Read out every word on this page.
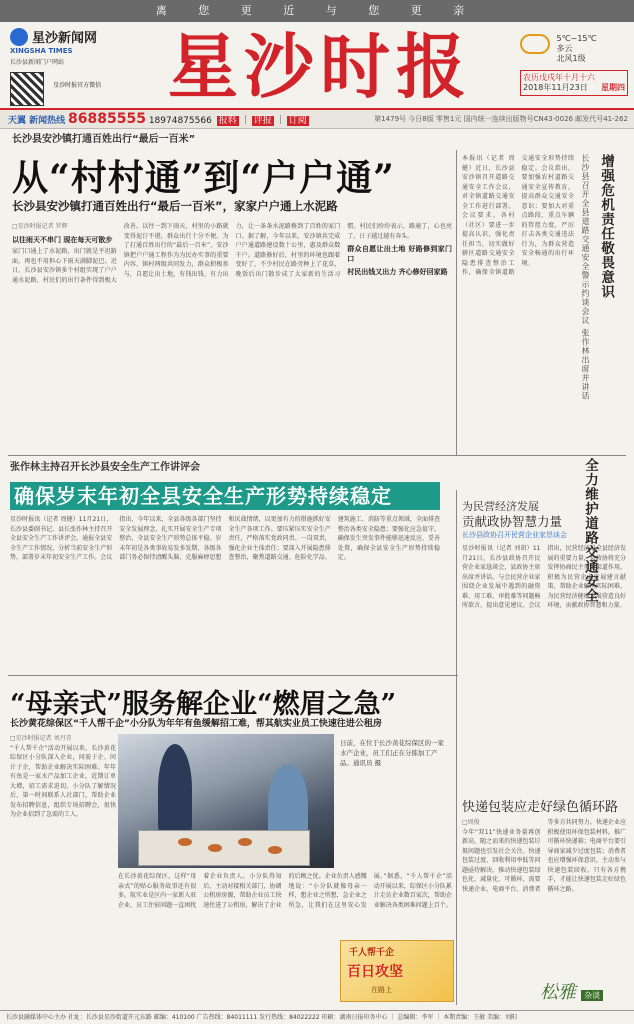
离 您 更 近 与 您 更 亲
星沙新闻网
XINGSHA TIMES
长沙县新闻门户网站
星沙时报官方微信 星沙时报	5℃~15℃
多云
北风1级
农历戊戌年十月十六
2018年11月23日 星期四
天翼 新闻热线 86885555 18974875566 报料 ｜ 评报 ｜ 订阅	第1479号 今日8版 零售1元 国内统一连续出版物号CN43-0026 邮发代号41-262
长沙县安沙镇打通百姓出行“最后一百米”
从“村村通”到“户户通”
长沙县安沙镇打通百姓出行“最后一百米”，家家户户通上水泥路
□星沙时报记者 罗辉
以往雨天不串门 现在每天可散步
家门口通上了水泥路，出门就是平坦路面，再也不用担心下雨天满脚泥巴。近日，长沙县安沙镇多个村组实现了户户通水泥路，村民们的出行条件得到极大改善。以往一到下雨天，村里的小路就变得泥泞不堪，群众出行十分不便。为了打通百姓出行的“最后一百米”，安沙镇把户户通工程作为为民办实事的重要内容，镇村两级共同发力，群众积极参与，自愿让出土地，有钱出钱、有力出力，让一条条水泥路修到了百姓的家门口。据了解，今年以来，安沙镇共完成户户通道路建设数十公里，惠及群众数千户。道路修好后，村里的环境也跟着变好了，不少村民在路旁种上了花草，晚饭后出门散步成了大家新的生活习惯。村民们纷纷表示，路通了，心也亮了，日子越过越有奔头。
群众自愿让出土地 好路修到家门口
村民出钱又出力 齐心修好回家路
本报讯（记者 周健）近日，长沙县安沙镇召开道路交通安全工作会议，对全镇道路交通安全工作进行部署。会议要求，各村（社区）要进一步提高认识，强化责任担当，切实做好辖区道路交通安全隐患排查整治工作，确保全镇道路交通安全形势持续稳定。会议指出，要加强农村道路交通安全宣传教育，提高群众交通安全意识；要加大对重点路段、重点车辆的管控力度，严厉打击各类交通违法行为，为群众营造安全畅通的出行环境。	长沙县召开全县道路交通安全警示约谈会议 张作林出席并讲话 增强危机责任敬畏意识 全力维护道路交通安全
张作林主持召开长沙县安全生产工作讲评会
确保岁末年初全县安全生产形势持续稳定
星沙时报讯（记者 周健）11月21日，长沙县委副书记、县长张作林主持召开全县安全生产工作讲评会，通报全县安全生产工作情况，分析当前安全生产形势，部署岁末年初安全生产工作。会议指出，今年以来，全县各级各部门坚持安全发展理念，扎实开展安全生产专项整治，全县安全生产形势总体平稳。岁末年初是各类事故易发多发期，各级各部门务必保持清醒头脑，克服麻痹思想和厌战情绪，以更加有力的措施抓好安全生产各项工作。要压紧压实安全生产责任，严格落实党政同责、一岗双责，强化企业主体责任；要深入开展隐患排查整治，聚焦道路交通、危险化学品、建筑施工、消防等重点领域，全面排查整治各类安全隐患；要强化应急值守，确保发生突发事件能够迅速反应、妥善处置，确保全县安全生产形势持续稳定。
为民营经济发展
贡献政协智慧力量
长沙县政协召开民营企业家恳谈会
星沙时报讯（记者 刘胡）11月21日，长沙县政协召开民营企业家恳谈会，县政协主席出席并讲话。与会民营企业家围绕企业发展中遇到的融资难、用工难、审批难等问题畅所欲言，提出意见建议。会议指出，民营经济是全县经济发展的重要力量，县政协将充分发挥协商民主重要渠道作用，积极为民营企业发展建言献策，帮助企业解决实际困难，为民营经济健康发展营造良好环境，贡献政协智慧和力量。
“母亲式”服务解企业“燃眉之急”
长沙黄花综保区“千人帮千企”小分队为年年有鱼缓解招工难，帮其航实业员工快速往进公租房
□星沙时报记者 刘丹青
“千人帮千企”活动开展以来，长沙黄花综保区小分队深入企业，问需于企、问计于企，帮助企业解决实际困难。年年有鱼是一家水产品加工企业，近期订单大增，招工需求迫切。小分队了解情况后，第一时间联系人社部门，帮助企业发布招聘信息，组织专场招聘会，很快为企业招到了急需的工人。
日前，在位于长沙黄花综保区的一家水产企业，员工们正在分拣加工产品。通讯员 摄
在长沙黄花综保区，这样“母亲式”的贴心服务故事还有很多。航实业是区内一家新入驻企业，员工住宿问题一直困扰着企业负责人。小分队得知后，主动对接相关部门，协调公租房房源，帮助企业员工快速住进了公租房，解决了企业的后顾之忧。企业负责人感慨地说：“小分队就像母亲一样，想企业之所想，急企业之所急，让我们在这里安心发展。”据悉，“千人帮千企”活动开展以来，综保区小分队累计走访企业数百家次，帮助企业解决各类困难问题上百个。
千人帮千企
百日攻坚
在路上
快递包装应走好绿色循环路
□周俊
今年“双11”快递业务量再创新高，随之而来的快递包装垃圾问题也引发社会关注。快递包装过度、回收利用率低等问题亟待解决。推动快递包装绿色化、减量化、可循环，需要快递企业、电商平台、消费者等多方共同努力。快递企业应积极使用环保包装材料，推广可循环快递箱；电商平台要引导商家减少过度包装；消费者也应增强环保意识，主动参与快递包装回收。只有各方携手，才能让快递包装走好绿色循环之路。
松雅 杂谈
长沙县融媒体中心主办 社址：长沙县星沙街道开元东路 邮编：410100 广告热线：84011111 发行热线：84022222 印刷：湖南日报印务中心 ｜ 总编辑：李军 ｜ 本期责编：王敏 美编：刘阳
